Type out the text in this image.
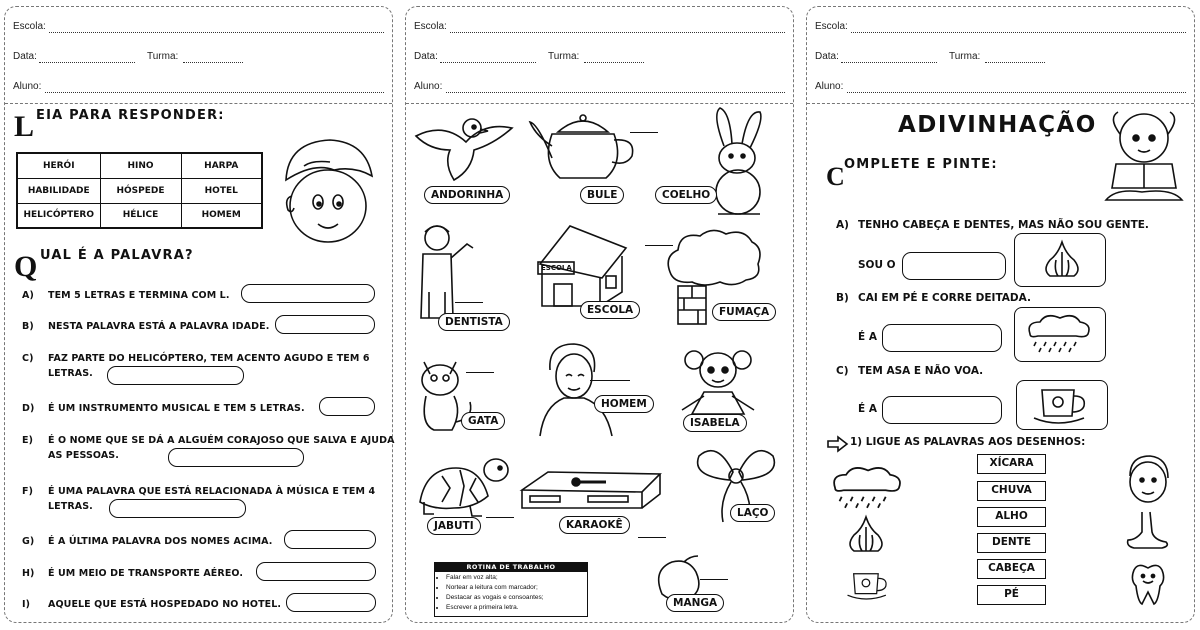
Escola:
Data:	Turma:
Aluno:
L EIA PARA RESPONDER:
HERÓI	HINO	HARPA
HABILIDADE	HÓSPEDE	HOTEL
HELICÓPTERO	HÉLICE	HOMEM
Q UAL É A PALAVRA?
A) TEM 5 LETRAS E TERMINA COM L.
B) NESTA PALAVRA ESTÁ A PALAVRA IDADE.
C) FAZ PARTE DO HELICÓPTERO, TEM ACENTO AGUDO E TEM 6 LETRAS.
D) É UM INSTRUMENTO MUSICAL E TEM 5 LETRAS.
E) É O NOME QUE SE DÁ A ALGUÉM CORAJOSO QUE SALVA E AJUDA AS PESSOAS.
F) É UMA PALAVRA QUE ESTÁ RELACIONADA À MÚSICA E TEM 4 LETRAS.
G) É A ÚLTIMA PALAVRA DOS NOMES ACIMA.
H) É UM MEIO DE TRANSPORTE AÉREO.
I) AQUELE QUE ESTÁ HOSPEDADO NO HOTEL.
Escola:
Data:	Turma:
Aluno:
ANDORINHA	BULE	COELHO
DENTISTA
ESCOLA
ESCOLA	FUMAÇA
GATA
HOMEM
ISABELA
JABUTI	KARAOKÊ
LAÇO
ROTINA DE TRABALHO
• Falar em voz alta;
• Nortear a leitura com marcador;
• Destacar as vogais e consoantes;
• Escrever a primeira letra.	MANGA
Escola:
Data:	Turma:
Aluno:
ADIVINHAÇÃO
C OMPLETE E PINTE:
A) TENHO CABEÇA E DENTES, MAS NÃO SOU GENTE.
SOU O
B) CAI EM PÉ E CORRE DEITADA.
É A
C) TEM ASA E NÃO VOA.
É A
1) LIGUE AS PALAVRAS AOS DESENHOS:
XÍCARA
CHUVA
ALHO
DENTE
CABEÇA
PÉ
